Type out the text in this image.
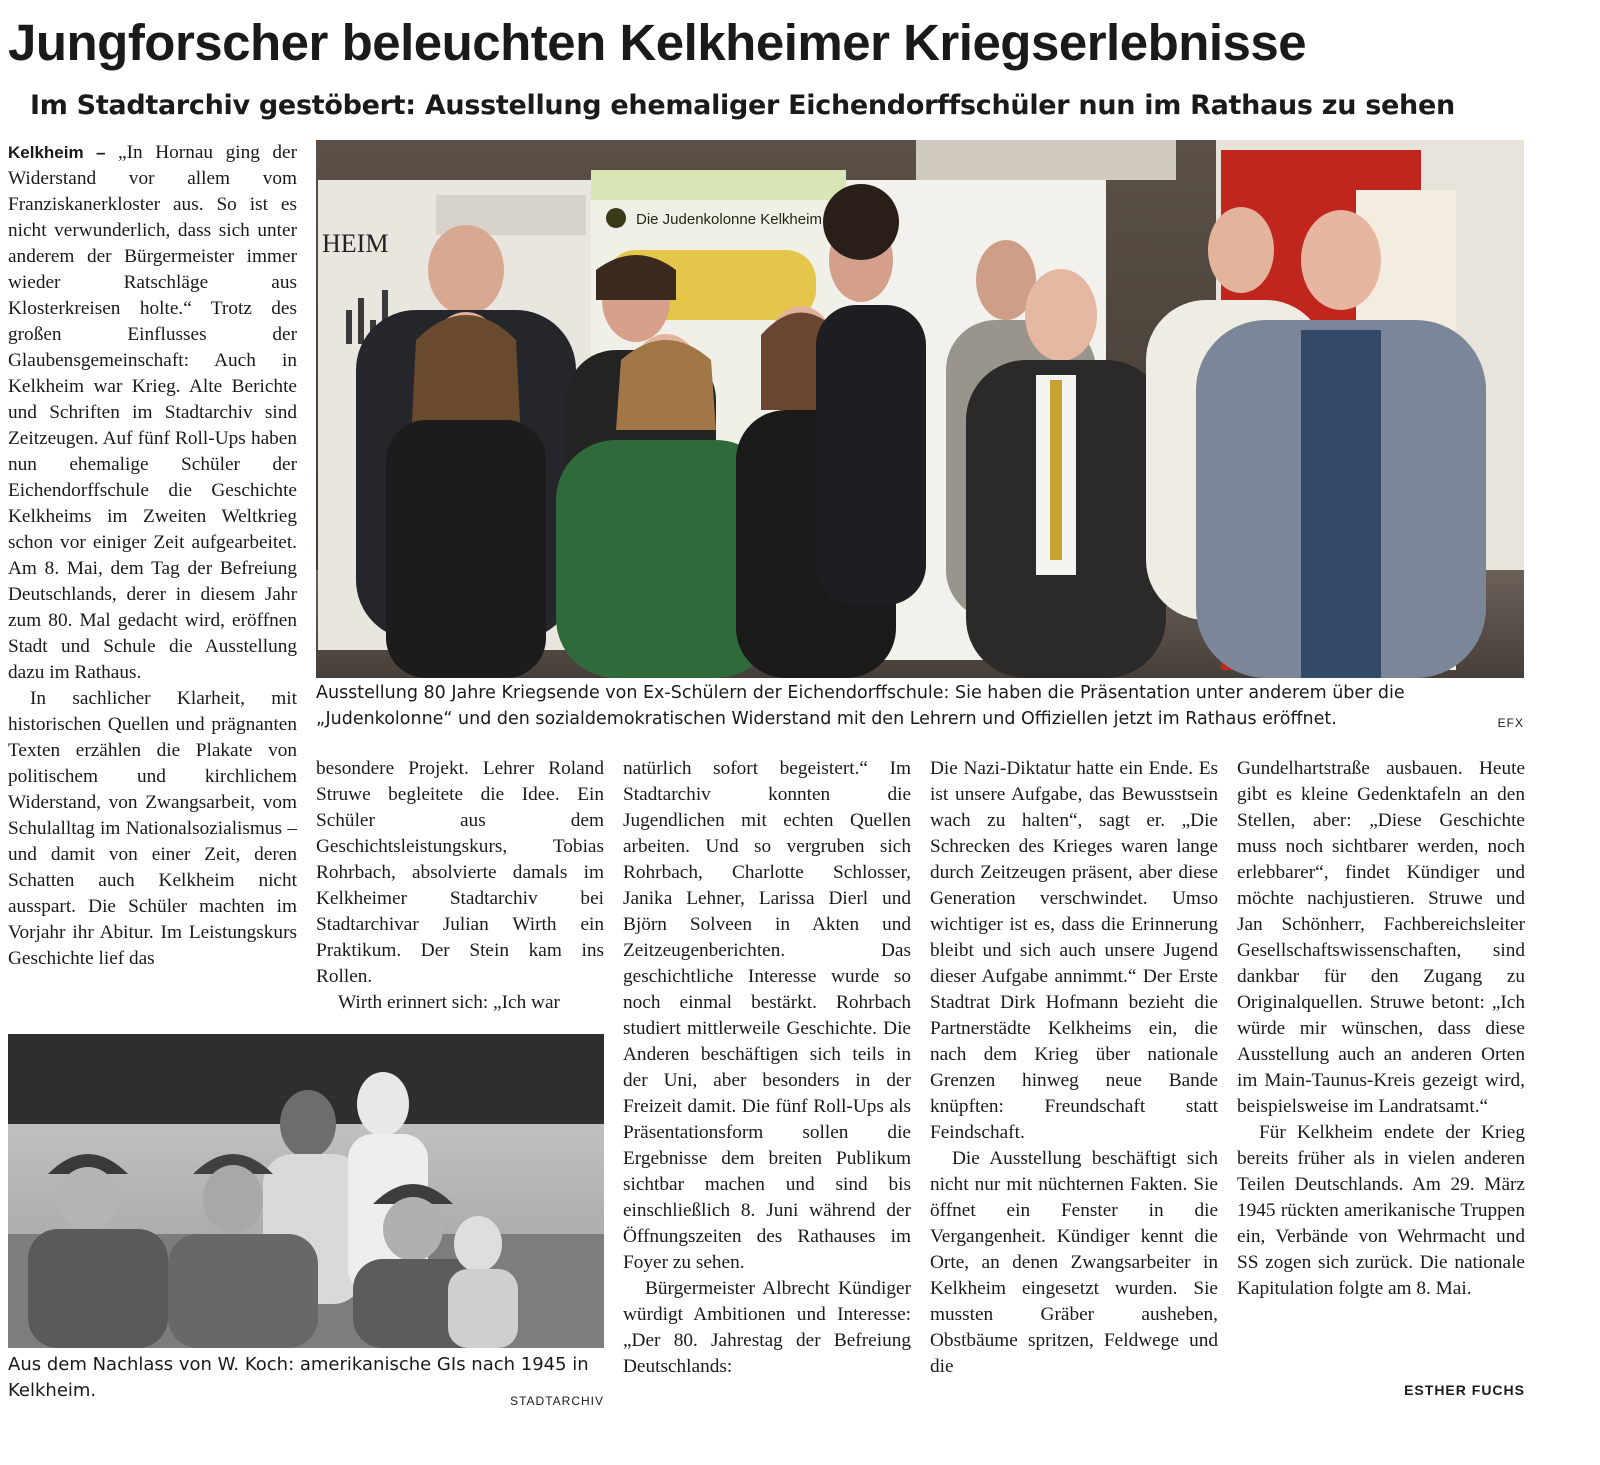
Jungforscher beleuchten Kelkheimer Kriegserlebnisse
Im Stadtarchiv gestöbert: Ausstellung ehemaliger Eichendorffschüler nun im Rathaus zu sehen

Kelkheim – „In Hornau ging der Widerstand vor allem vom Franziskanerkloster aus. So ist es nicht verwunderlich, dass sich unter anderem der Bürgermeister immer wieder Ratschläge aus Klosterkreisen holte.“ Trotz des großen Einflusses der Glaubensgemeinschaft: Auch in Kelkheim war Krieg. Alte Berichte und Schriften im Stadtarchiv sind Zeitzeugen. Auf fünf Roll-Ups haben nun ehemalige Schüler der Eichendorffschule die Geschichte Kelkheims im Zweiten Weltkrieg schon vor einiger Zeit aufgearbeitet. Am 8. Mai, dem Tag der Befreiung Deutschlands, derer in diesem Jahr zum 80. Mal gedacht wird, eröffnen Stadt und Schule die Ausstellung dazu im Rathaus.

In sachlicher Klarheit, mit historischen Quellen und prägnanten Texten erzählen die Plakate von politischem und kirchlichem Widerstand, von Zwangsarbeit, vom Schulalltag im Nationalsozialismus – und damit von einer Zeit, deren Schatten auch Kelkheim nicht ausspart. Die Schüler machten im Vorjahr ihr Abitur. Im Leistungskurs Geschichte lief das

HEIM
Die Judenkolonne Kelkheim

Ausstellung 80 Jahre Kriegsende von Ex-Schülern der Eichendorffschule: Sie haben die Präsentation unter anderem über die „Judenkolonne“ und den sozialdemokratischen Widerstand mit den Lehrern und Offiziellen jetzt im Rathaus eröffnet.	EFX

besondere Projekt. Lehrer Roland Struwe begleitete die Idee. Ein Schüler aus dem Geschichtsleistungskurs, Tobias Rohrbach, absolvierte damals im Kelkheimer Stadtarchiv bei Stadtarchivar Julian Wirth ein Praktikum. Der Stein kam ins Rollen.

Wirth erinnert sich: „Ich war

Aus dem Nachlass von W. Koch: amerikanische GIs nach 1945 in Kelkheim.	STADTARCHIV

natürlich sofort begeistert.“ Im Stadtarchiv konnten die Jugendlichen mit echten Quellen arbeiten. Und so vergruben sich Rohrbach, Charlotte Schlosser, Janika Lehner, Larissa Dierl und Björn Solveen in Akten und Zeitzeugenberichten. Das geschichtliche Interesse wurde so noch einmal bestärkt. Rohrbach studiert mittlerweile Geschichte. Die Anderen beschäftigen sich teils in der Uni, aber besonders in der Freizeit damit. Die fünf Roll-Ups als Präsentationsform sollen die Ergebnisse dem breiten Publikum sichtbar machen und sind bis einschließlich 8. Juni während der Öffnungszeiten des Rathauses im Foyer zu sehen.

Bürgermeister Albrecht Kündiger würdigt Ambitionen und Interesse: „Der 80. Jahrestag der Befreiung Deutschlands:

Die Nazi-Diktatur hatte ein Ende. Es ist unsere Aufgabe, das Bewusstsein wach zu halten“, sagt er. „Die Schrecken des Krieges waren lange durch Zeitzeugen präsent, aber diese Generation verschwindet. Umso wichtiger ist es, dass die Erinnerung bleibt und sich auch unsere Jugend dieser Aufgabe annimmt.“ Der Erste Stadtrat Dirk Hofmann bezieht die Partnerstädte Kelkheims ein, die nach dem Krieg über nationale Grenzen hinweg neue Bande knüpften: Freundschaft statt Feindschaft.

Die Ausstellung beschäftigt sich nicht nur mit nüchternen Fakten. Sie öffnet ein Fenster in die Vergangenheit. Kündiger kennt die Orte, an denen Zwangsarbeiter in Kelkheim eingesetzt wurden. Sie mussten Gräber ausheben, Obstbäume spritzen, Feldwege und die

Gundelhartstraße ausbauen. Heute gibt es kleine Gedenktafeln an den Stellen, aber: „Diese Geschichte muss noch sichtbarer werden, noch erlebbarer“, findet Kündiger und möchte nachjustieren. Struwe und Jan Schönherr, Fachbereichsleiter Gesellschaftswissenschaften, sind dankbar für den Zugang zu Originalquellen. Struwe betont: „Ich würde mir wünschen, dass diese Ausstellung auch an anderen Orten im Main-Taunus-Kreis gezeigt wird, beispielsweise im Landratsamt.“

Für Kelkheim endete der Krieg bereits früher als in vielen anderen Teilen Deutschlands. Am 29. März 1945 rückten amerikanische Truppen ein, Verbände von Wehrmacht und SS zogen sich zurück. Die nationale Kapitulation folgte am 8. Mai.

ESTHER FUCHS
